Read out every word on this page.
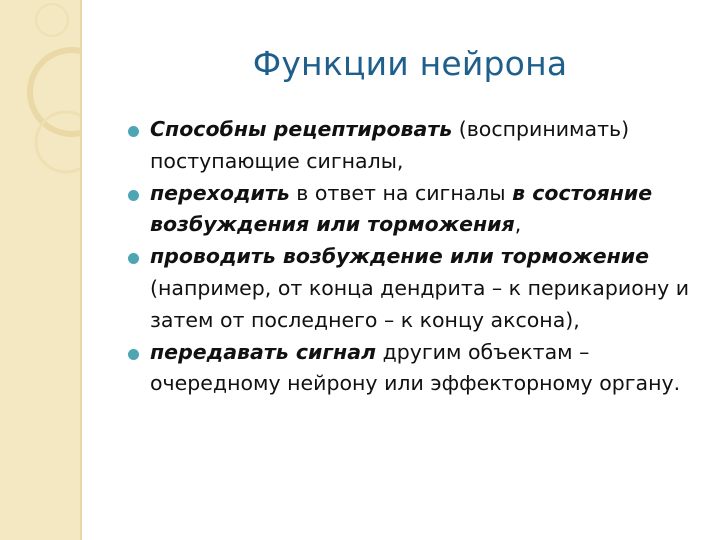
Функции нейрона
Способны рецептировать (воспринимать) поступающие сигналы,
переходить в ответ на сигналы в состояние возбуждения или торможения,
проводить возбуждение или торможение (например, от конца дендрита – к перикариону и затем от последнего – к концу аксона),
передавать сигнал другим объектам – очередному нейрону или эффекторному органу.
